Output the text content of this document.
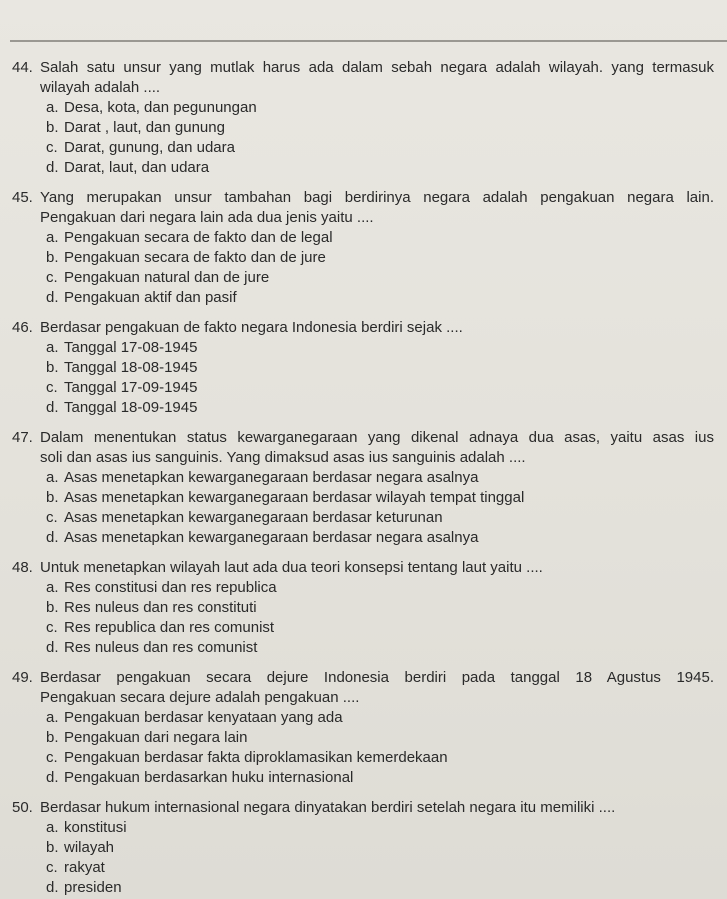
44. Salah satu unsur yang mutlak harus ada dalam sebah negara adalah wilayah. yang termasuk
wilayah adalah ....
a. Desa, kota, dan pegunungan
b. Darat , laut, dan gunung
c. Darat, gunung, dan udara
d. Darat, laut, dan udara
45. Yang merupakan unsur tambahan bagi berdirinya negara adalah pengakuan negara lain.
Pengakuan dari negara lain ada dua jenis yaitu ....
a. Pengakuan secara de fakto dan de legal
b. Pengakuan secara de fakto dan de jure
c. Pengakuan natural dan de jure
d. Pengakuan aktif dan pasif
46. Berdasar pengakuan de fakto negara Indonesia berdiri sejak ....
a. Tanggal 17-08-1945
b. Tanggal 18-08-1945
c. Tanggal 17-09-1945
d. Tanggal 18-09-1945
47. Dalam menentukan status kewarganegaraan yang dikenal adnaya dua asas, yaitu asas ius
soli dan asas ius sanguinis. Yang dimaksud asas ius sanguinis adalah ....
a. Asas menetapkan kewarganegaraan berdasar negara asalnya
b. Asas menetapkan kewarganegaraan berdasar wilayah tempat tinggal
c. Asas menetapkan kewarganegaraan berdasar keturunan
d. Asas menetapkan kewarganegaraan berdasar negara asalnya
48. Untuk menetapkan wilayah laut ada dua teori konsepsi tentang laut yaitu ....
a. Res constitusi dan res republica
b. Res nuleus dan res constituti
c. Res republica dan res comunist
d. Res nuleus dan res comunist
49. Berdasar pengakuan secara dejure Indonesia berdiri pada tanggal 18 Agustus 1945.
Pengakuan secara dejure adalah pengakuan ....
a. Pengakuan berdasar kenyataan yang ada
b. Pengakuan dari negara lain
c. Pengakuan berdasar fakta diproklamasikan kemerdekaan
d. Pengakuan berdasarkan huku internasional
50. Berdasar hukum internasional negara dinyatakan berdiri setelah negara itu memiliki ....
a. konstitusi
b. wilayah
c. rakyat
d. presiden
